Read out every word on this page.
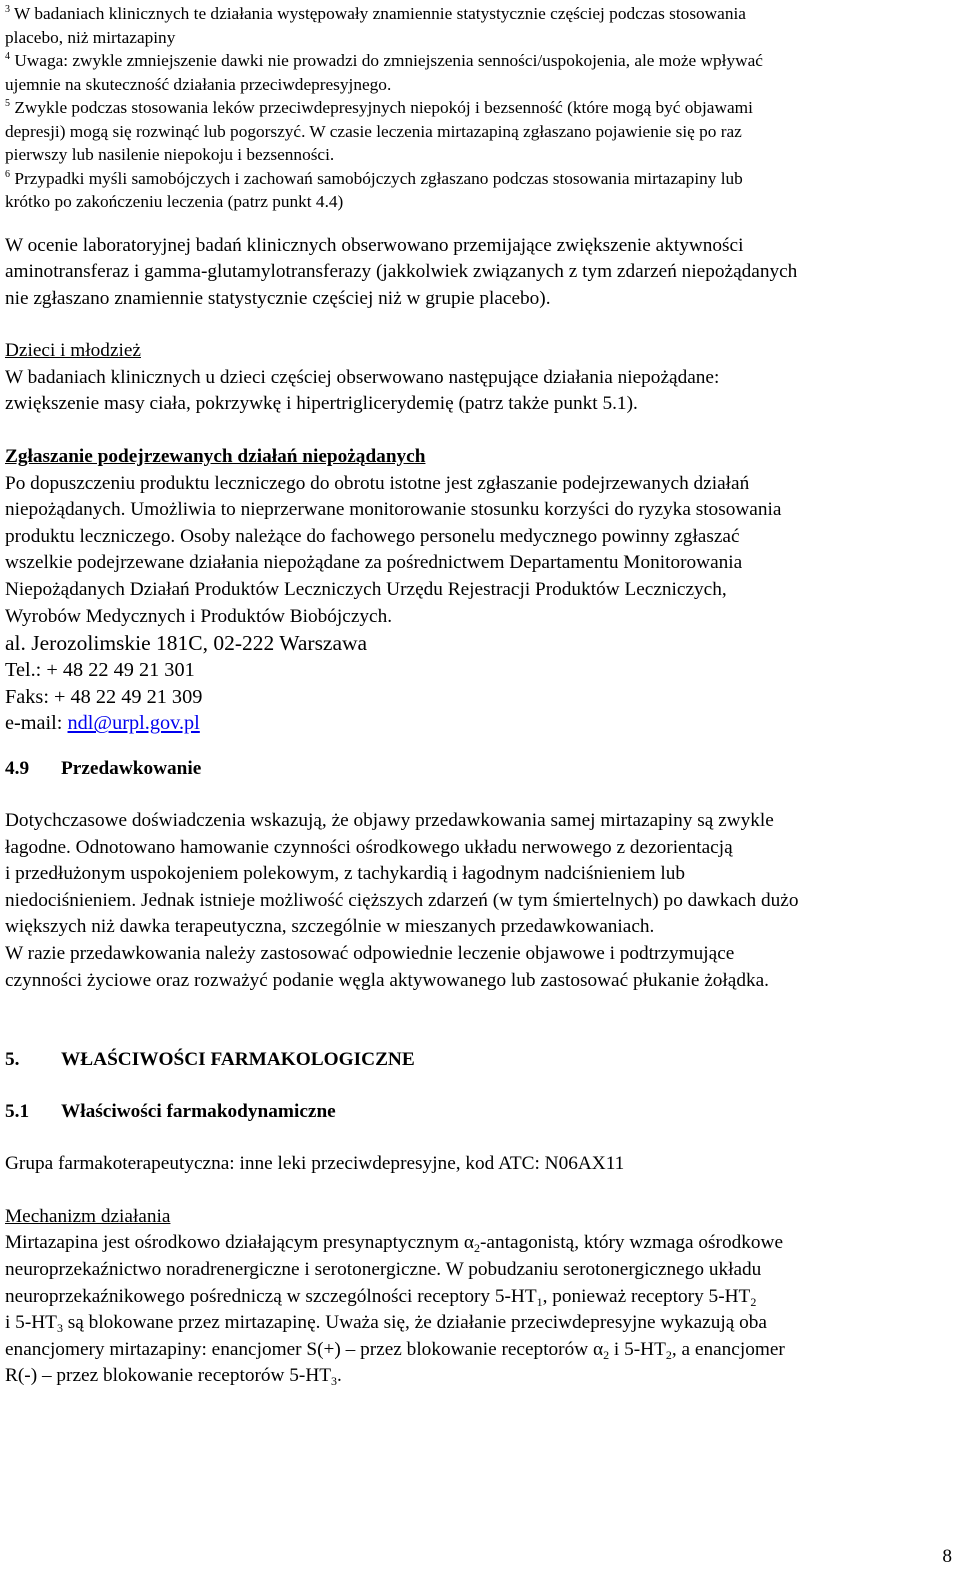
$^3$ W badaniach klinicznych te działania występowały znamiennie statystycznie częściej podczas stosowania
placebo, niż mirtazapiny
$^4$ Uwaga: zwykle zmniejszenie dawki nie prowadzi do zmniejszenia senności/uspokojenia, ale może wpływać
ujemnie na skuteczność działania przeciwdepresyjnego.
$^5$ Zwykle podczas stosowania leków przeciwdepresyjnych niepokój i bezsenność (które mogą być objawami
depresji) mogą się rozwinąć lub pogorszyć. W czasie leczenia mirtazapiną zgłaszano pojawienie się po raz
pierwszy lub nasilenie niepokoju i bezsenności.
$^6$ Przypadki myśli samobójczych i zachowań samobójczych zgłaszano podczas stosowania mirtazapiny lub
krótko po zakończeniu leczenia (patrz punkt 4.4)

W ocenie laboratoryjnej badań klinicznych obserwowano przemijające zwiększenie aktywności
aminotransferaz i gamma-glutamylotransferazy (jakkolwiek związanych z tym zdarzeń niepożądanych
nie zgłaszano znamiennie statystycznie częściej niż w grupie placebo).

Dzieci i młodzież
W badaniach klinicznych u dzieci częściej obserwowano następujące działania niepożądane:
zwiększenie masy ciała, pokrzywkę i hipertriglicerydemię (patrz także punkt 5.1).

Zgłaszanie podejrzewanych działań niepożądanych
Po dopuszczeniu produktu leczniczego do obrotu istotne jest zgłaszanie podejrzewanych działań
niepożądanych. Umożliwia to nieprzerwane monitorowanie stosunku korzyści do ryzyka stosowania
produktu leczniczego. Osoby należące do fachowego personelu medycznego powinny zgłaszać
wszelkie podejrzewane działania niepożądane za pośrednictwem Departamentu Monitorowania
Niepożądanych Działań Produktów Leczniczych Urzędu Rejestracji Produktów Leczniczych,
Wyrobów Medycznych i Produktów Biobójczych.

al. Jerozolimskie 181C, 02-222 Warszawa

Tel.: + 48 22 49 21 301

Faks: + 48 22 49 21 309

e-mail: ndl@urpl.gov.pl

4.9 Przedawkowanie

Dotychczasowe doświadczenia wskazują, że objawy przedawkowania samej mirtazapiny są zwykle
łagodne. Odnotowano hamowanie czynności ośrodkowego układu nerwowego z dezorientacją
i przedłużonym uspokojeniem polekowym, z tachykardią i łagodnym nadciśnieniem lub
niedociśnieniem. Jednak istnieje możliwość cięższych zdarzeń (w tym śmiertelnych) po dawkach dużo
większych niż dawka terapeutyczna, szczególnie w mieszanych przedawkowaniach.
W razie przedawkowania należy zastosować odpowiednie leczenie objawowe i podtrzymujące
czynności życiowe oraz rozważyć podanie węgla aktywowanego lub zastosować płukanie żołądka.

5. WŁAŚCIWOŚCI FARMAKOLOGICZNE

5.1 Właściwości farmakodynamiczne

Grupa farmakoterapeutyczna: inne leki przeciwdepresyjne, kod ATC: N06AX11

Mechanizm działania
Mirtazapina jest ośrodkowo działającym presynaptycznym $\alpha_2$-antagonistą, który wzmaga ośrodkowe
neuroprzekaźnictwo noradrenergiczne i serotonergiczne. W pobudzaniu serotonergicznego układu
neuroprzekaźnikowego pośredniczą w szczególności receptory $5-HT_1$, ponieważ receptory $5-HT_2$
i $5-HT_3$ są blokowane przez mirtazapinę. Uważa się, że działanie przeciwdepresyjne wykazują oba
enancjomery mirtazapiny: enancjomer S(+) – przez blokowanie receptorów $\alpha_2$ i $5-HT_2$, a enancjomer
R(-) – przez blokowanie receptorów $5-HT_3$.

8
